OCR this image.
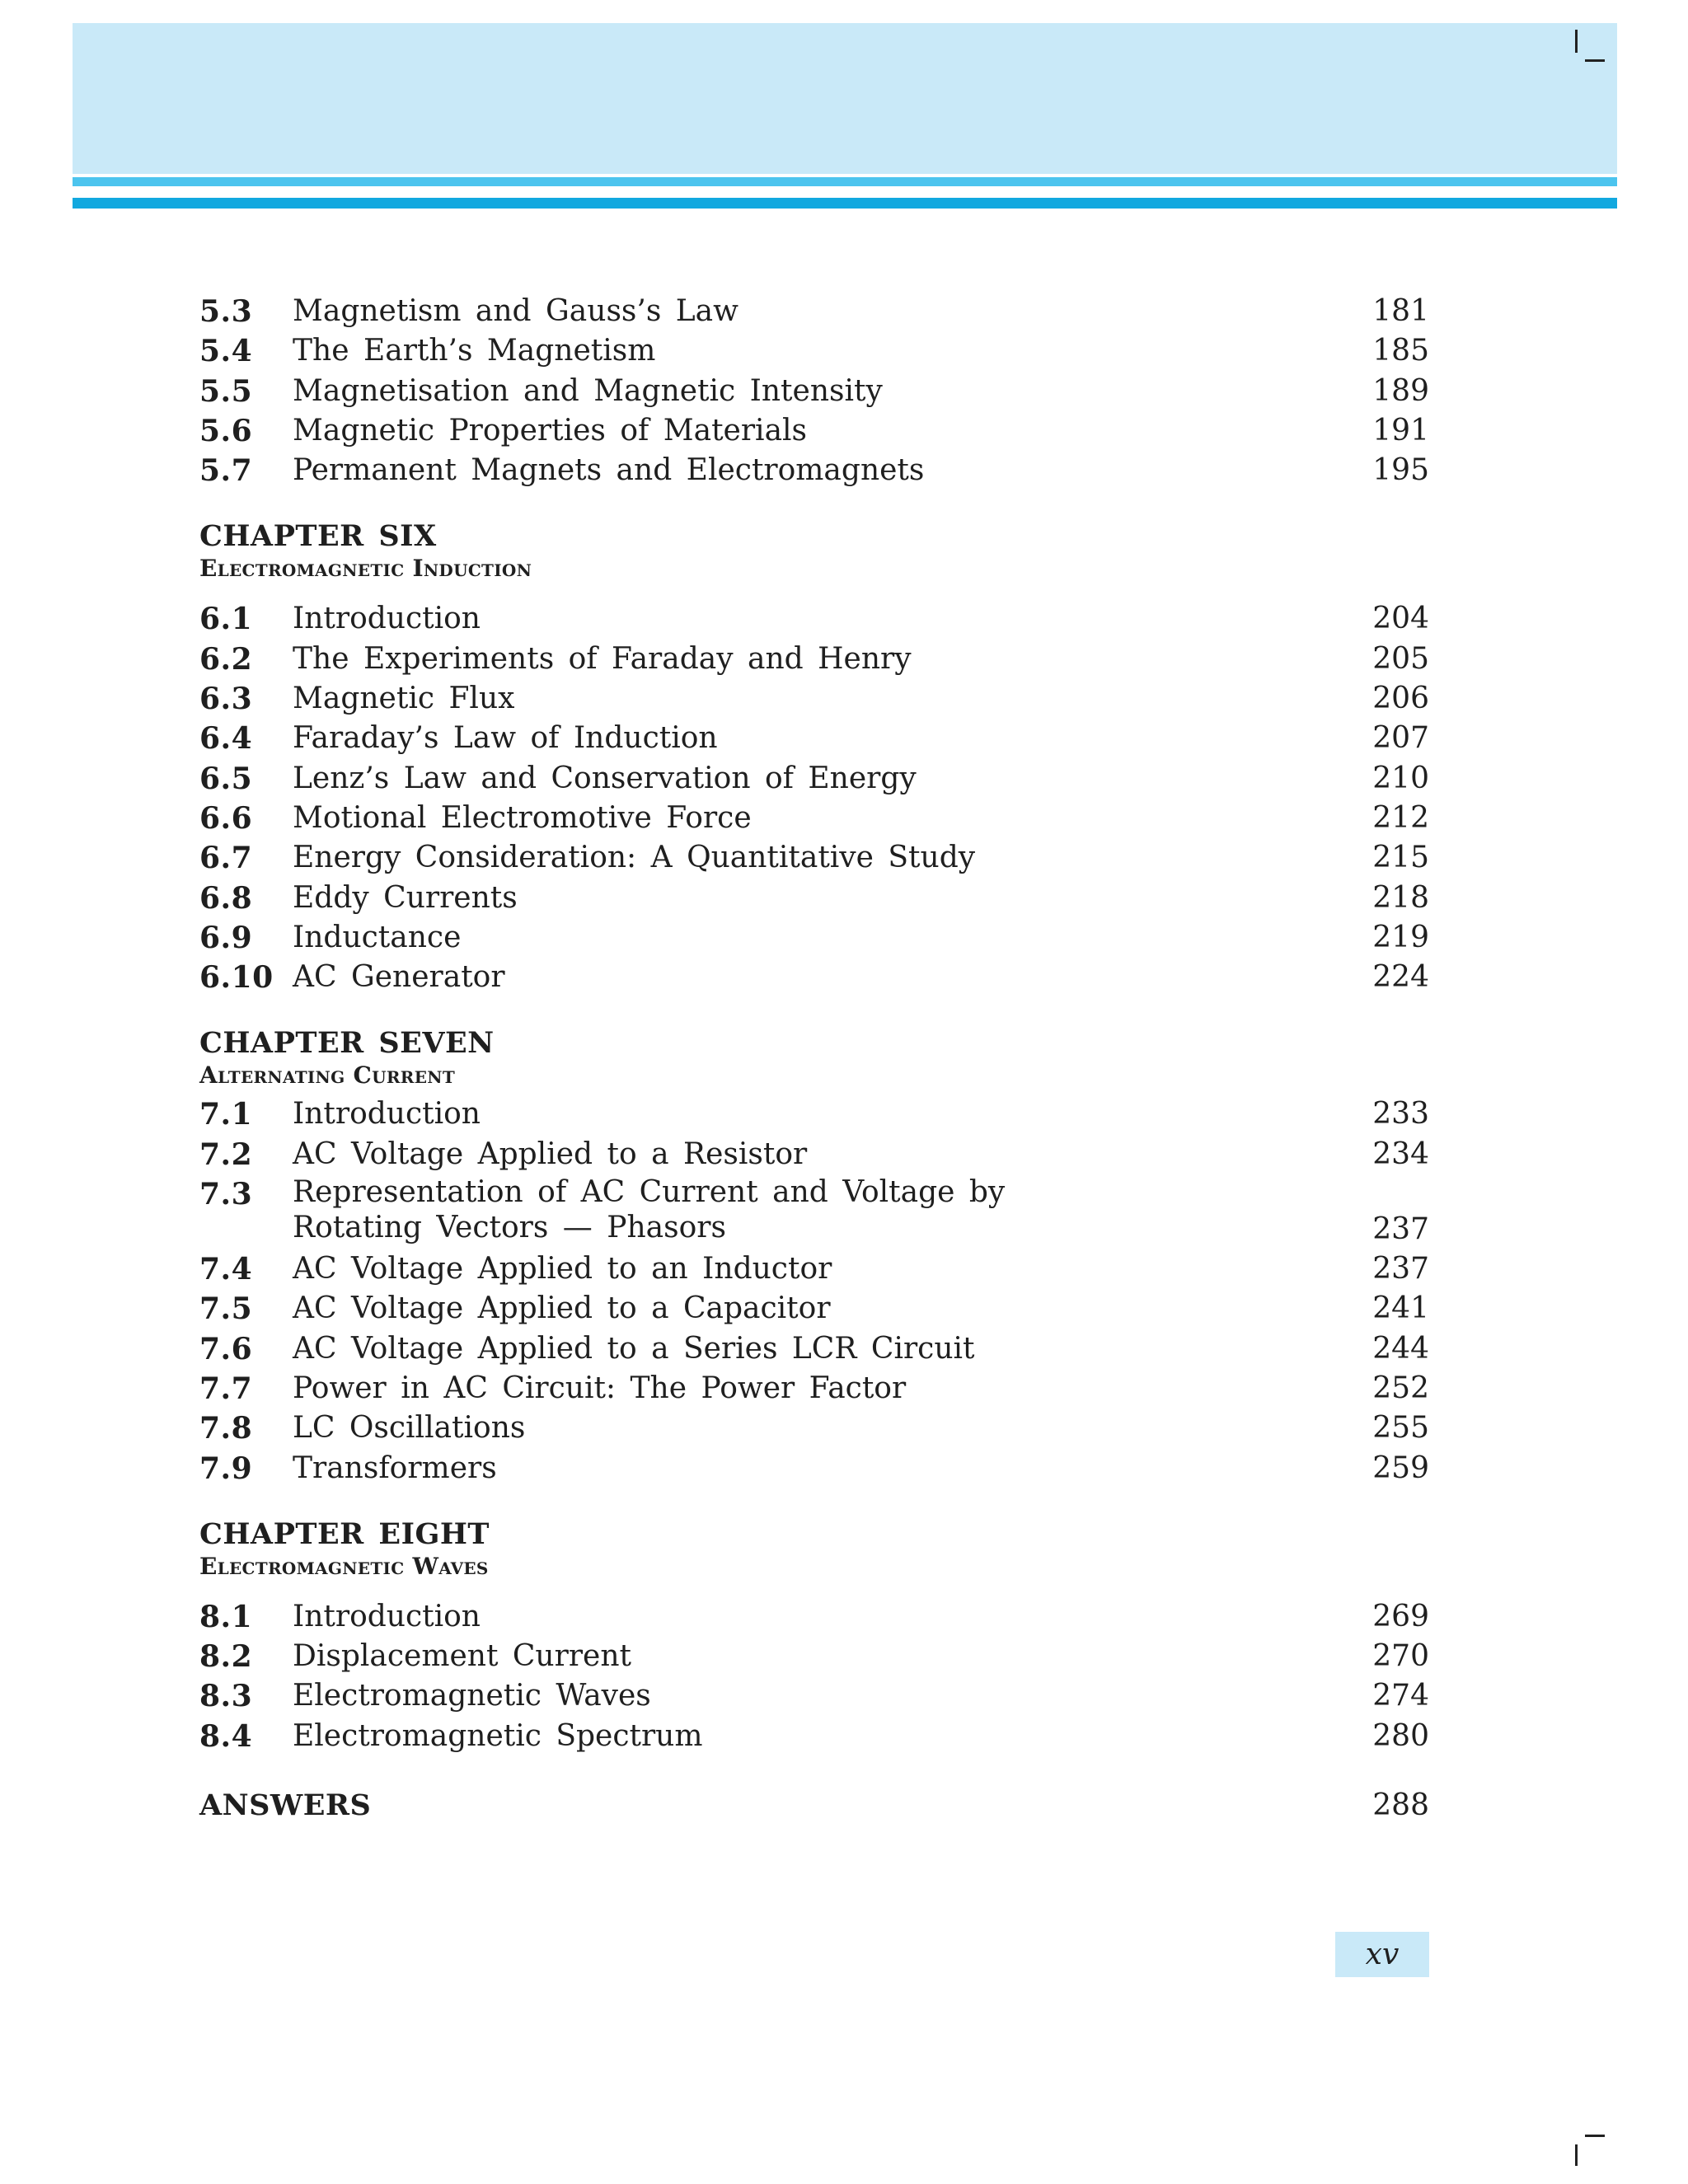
5.3 Magnetism and Gauss’s Law	181
5.4 The Earth’s Magnetism	185
5.5 Magnetisation and Magnetic Intensity	189
5.6 Magnetic Properties of Materials	191
5.7 Permanent Magnets and Electromagnets	195
CHAPTER SIX
Electromagnetic Induction
6.1 Introduction	204
6.2 The Experiments of Faraday and Henry	205
6.3 Magnetic Flux	206
6.4 Faraday’s Law of Induction	207
6.5 Lenz’s Law and Conservation of Energy	210
6.6 Motional Electromotive Force	212
6.7 Energy Consideration: A Quantitative Study	215
6.8 Eddy Currents	218
6.9 Inductance	219
6.10 AC Generator	224
CHAPTER SEVEN
Alternating Current
7.1 Introduction	233
7.2 AC Voltage Applied to a Resistor	234
7.3 Representation of AC Current and Voltage by
Rotating Vectors — Phasors	237
7.4 AC Voltage Applied to an Inductor	237
7.5 AC Voltage Applied to a Capacitor	241
7.6 AC Voltage Applied to a Series LCR Circuit	244
7.7 Power in AC Circuit: The Power Factor	252
7.8 LC Oscillations	255
7.9 Transformers	259
CHAPTER EIGHT
Electromagnetic Waves
8.1 Introduction	269
8.2 Displacement Current	270
8.3 Electromagnetic Waves	274
8.4 Electromagnetic Spectrum	280
ANSWERS	288
xv
